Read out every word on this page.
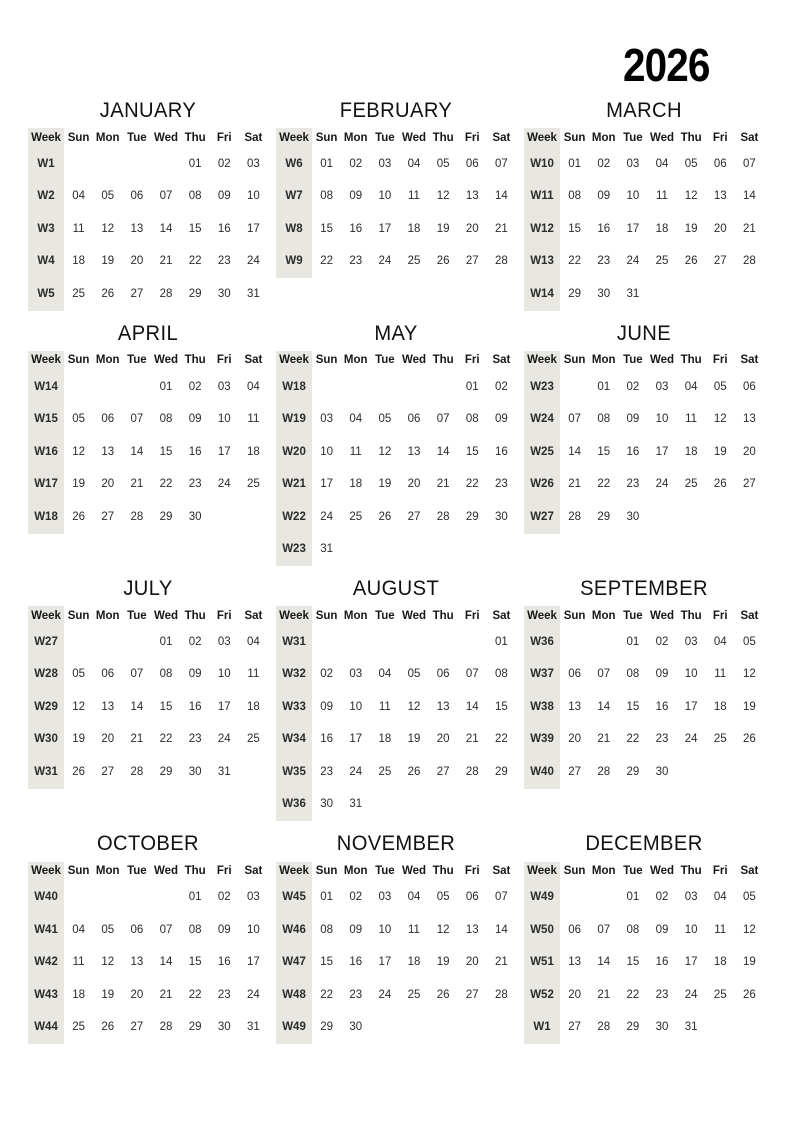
2026
JANUARY
Week	Sun	Mon	Tue	Wed	Thu	Fri	Sat
W1					01	02	03
W2	04	05	06	07	08	09	10
W3	11	12	13	14	15	16	17
W4	18	19	20	21	22	23	24
W5	25	26	27	28	29	30	31
FEBRUARY
Week	Sun	Mon	Tue	Wed	Thu	Fri	Sat
W6	01	02	03	04	05	06	07
W7	08	09	10	11	12	13	14
W8	15	16	17	18	19	20	21
W9	22	23	24	25	26	27	28
MARCH
Week	Sun	Mon	Tue	Wed	Thu	Fri	Sat
W10	01	02	03	04	05	06	07
W11	08	09	10	11	12	13	14
W12	15	16	17	18	19	20	21
W13	22	23	24	25	26	27	28
W14	29	30	31				
APRIL
Week	Sun	Mon	Tue	Wed	Thu	Fri	Sat
W14				01	02	03	04
W15	05	06	07	08	09	10	11
W16	12	13	14	15	16	17	18
W17	19	20	21	22	23	24	25
W18	26	27	28	29	30		
MAY
Week	Sun	Mon	Tue	Wed	Thu	Fri	Sat
W18						01	02
W19	03	04	05	06	07	08	09
W20	10	11	12	13	14	15	16
W21	17	18	19	20	21	22	23
W22	24	25	26	27	28	29	30
W23	31						
JUNE
Week	Sun	Mon	Tue	Wed	Thu	Fri	Sat
W23		01	02	03	04	05	06
W24	07	08	09	10	11	12	13
W25	14	15	16	17	18	19	20
W26	21	22	23	24	25	26	27
W27	28	29	30				
JULY
Week	Sun	Mon	Tue	Wed	Thu	Fri	Sat
W27				01	02	03	04
W28	05	06	07	08	09	10	11
W29	12	13	14	15	16	17	18
W30	19	20	21	22	23	24	25
W31	26	27	28	29	30	31	
AUGUST
Week	Sun	Mon	Tue	Wed	Thu	Fri	Sat
W31							01
W32	02	03	04	05	06	07	08
W33	09	10	11	12	13	14	15
W34	16	17	18	19	20	21	22
W35	23	24	25	26	27	28	29
W36	30	31					
SEPTEMBER
Week	Sun	Mon	Tue	Wed	Thu	Fri	Sat
W36			01	02	03	04	05
W37	06	07	08	09	10	11	12
W38	13	14	15	16	17	18	19
W39	20	21	22	23	24	25	26
W40	27	28	29	30			
OCTOBER
Week	Sun	Mon	Tue	Wed	Thu	Fri	Sat
W40					01	02	03
W41	04	05	06	07	08	09	10
W42	11	12	13	14	15	16	17
W43	18	19	20	21	22	23	24
W44	25	26	27	28	29	30	31
NOVEMBER
Week	Sun	Mon	Tue	Wed	Thu	Fri	Sat
W45	01	02	03	04	05	06	07
W46	08	09	10	11	12	13	14
W47	15	16	17	18	19	20	21
W48	22	23	24	25	26	27	28
W49	29	30					
DECEMBER
Week	Sun	Mon	Tue	Wed	Thu	Fri	Sat
W49			01	02	03	04	05
W50	06	07	08	09	10	11	12
W51	13	14	15	16	17	18	19
W52	20	21	22	23	24	25	26
W1	27	28	29	30	31		
